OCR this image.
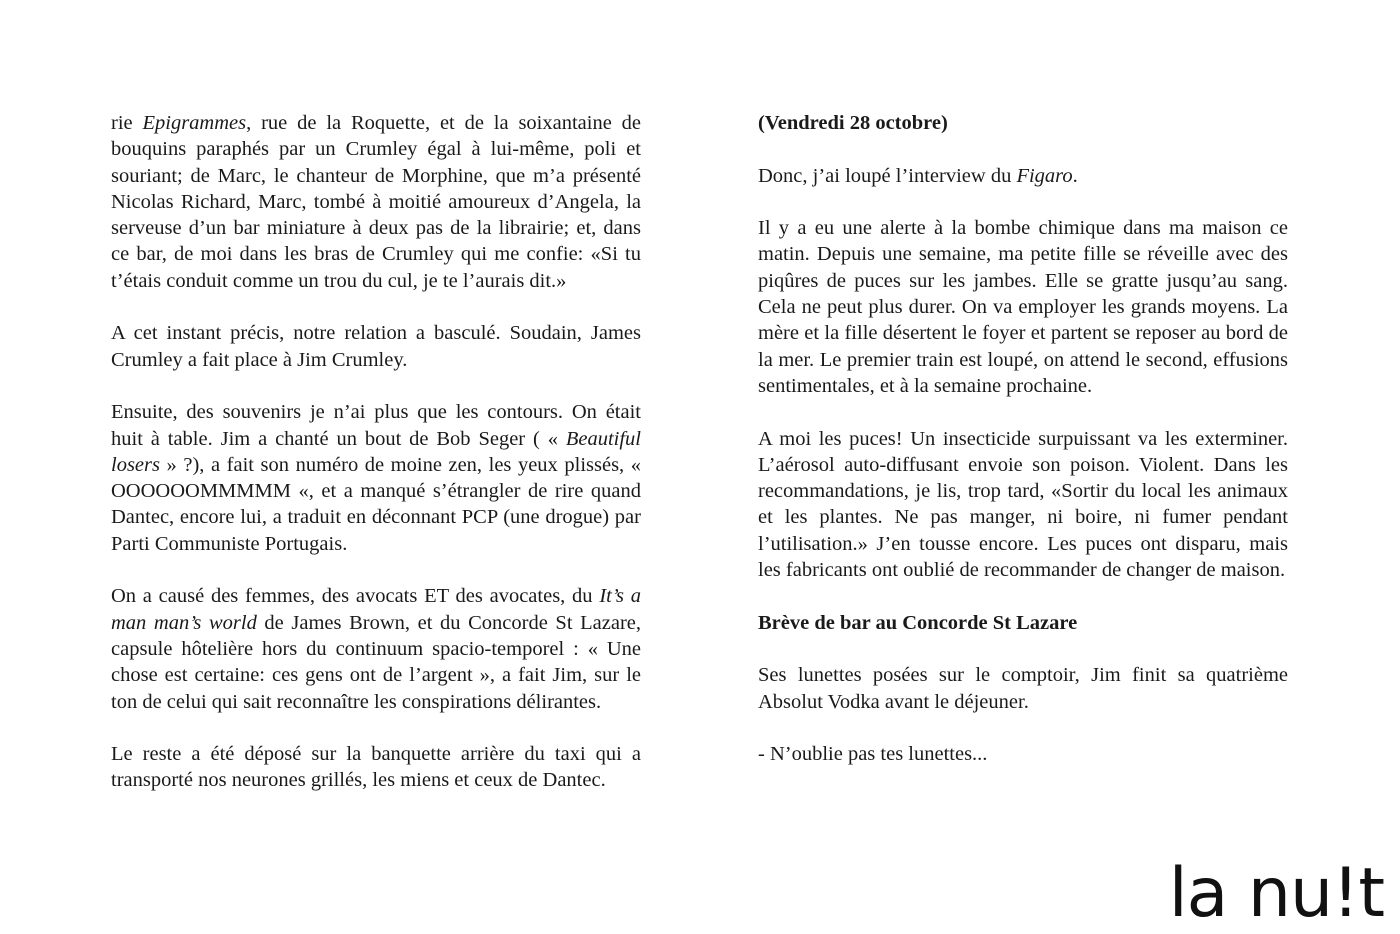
rie Epigrammes, rue de la Roquette, et de la soixantaine de bouquins paraphés par un Crumley égal à lui-même, poli et souriant; de Marc, le chanteur de Morphine, que m’a présenté Nicolas Richard, Marc, tombé à moitié amoureux d’Angela, la serveuse d’un bar miniature à deux pas de la librairie; et, dans ce bar, de moi dans les bras de Crumley qui me confie: «Si tu t’étais conduit comme un trou du cul, je te l’aurais dit.»

A cet instant précis, notre relation a basculé. Soudain, James Crumley a fait place à Jim Crumley.

Ensuite, des souvenirs je n’ai plus que les contours. On était huit à table. Jim a chanté un bout de Bob Seger ( « Beautiful losers » ?), a fait son numéro de moine zen, les yeux plissés, « OOOOOOMMMMM «, et a manqué s’étrangler de rire quand Dantec, encore lui, a traduit en déconnant PCP (une drogue) par Parti Communiste Portugais.

On a causé des femmes, des avocats ET des avocates, du It’s a man man’s world de James Brown, et du Concorde St Lazare, capsule hôtelière hors du continuum spacio-temporel : « Une chose est certaine: ces gens ont de l’argent », a fait Jim, sur le ton de celui qui sait reconnaître les conspirations délirantes.

Le reste a été déposé sur la banquette arrière du taxi qui a transporté nos neurones grillés, les miens et ceux de Dantec.

(Vendredi 28 octobre)

Donc, j’ai loupé l’interview du Figaro.

Il y a eu une alerte à la bombe chimique dans ma maison ce matin. Depuis une semaine, ma petite fille se réveille avec des piqûres de puces sur les jambes. Elle se gratte jusqu’au sang. Cela ne peut plus durer. On va employer les grands moyens. La mère et la fille désertent le foyer et partent se reposer au bord de la mer. Le premier train est loupé, on attend le second, effusions sentimentales, et à la semaine prochaine.

A moi les puces! Un insecticide surpuissant va les exterminer. L’aérosol auto-diffusant envoie son poison. Violent. Dans les recommandations, je lis, trop tard, «Sortir du local les animaux et les plantes. Ne pas manger, ni boire, ni fumer pendant l’utilisation.» J’en tousse encore. Les puces ont disparu, mais les fabricants ont oublié de recommander de changer de maison.

Brève de bar au Concorde St Lazare

Ses lunettes posées sur le comptoir, Jim finit sa quatrième Absolut Vodka avant le déjeuner.

- N’oublie pas tes lunettes...

la nu!t
